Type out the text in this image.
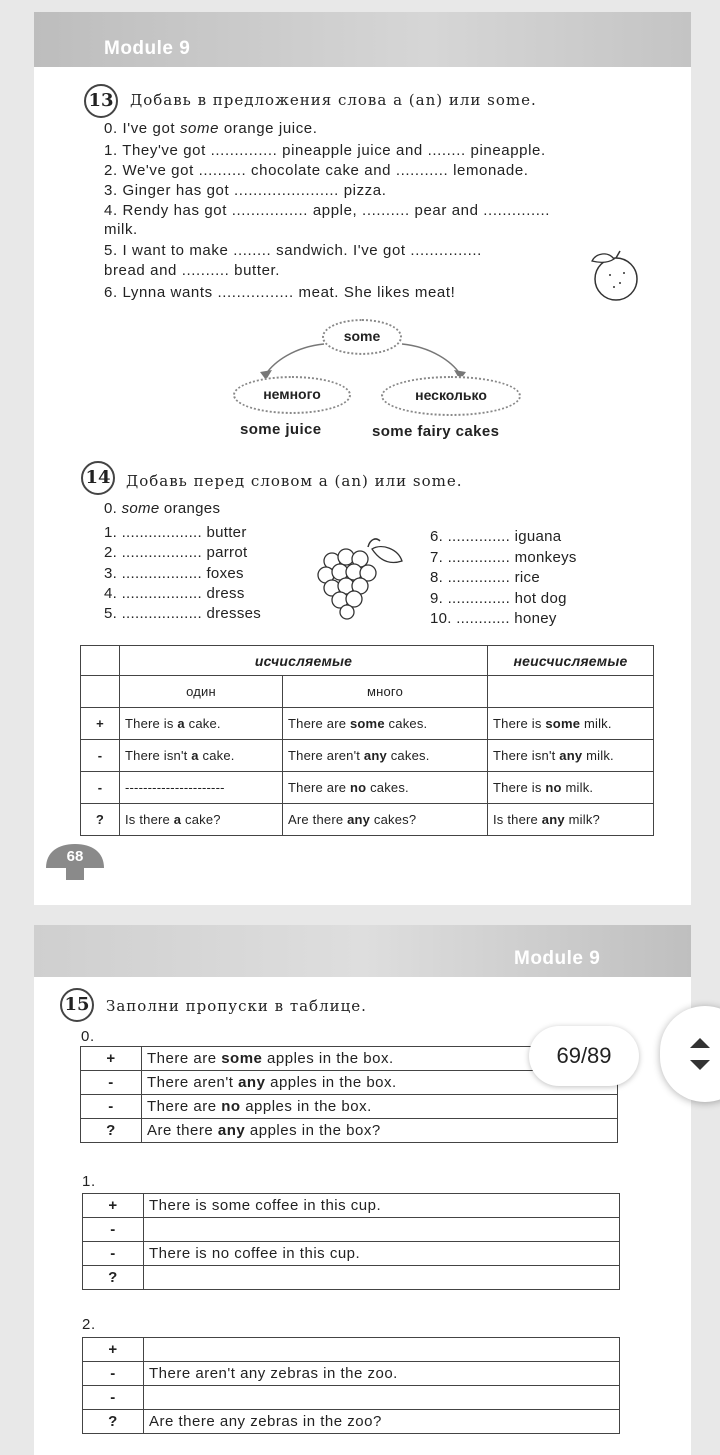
Module 9
13 Добавь в предложения слова a (an) или some.
0. I've got some orange juice.
1. They've got .............. pineapple juice and ........ pineapple.
2. We've got .......... chocolate cake and ........... lemonade.
3. Ginger has got ...................... pizza.
4. Rendy has got ................ apple, .......... pear and ..............
milk.
5. I want to make ........ sandwich. I've got ...............
bread and .......... butter.
6. Lynna wants ................ meat. She likes meat!
some
немного	несколько
some juice	some fairy cakes
14 Добавь перед словом a (an) или some.
0. some oranges
1. .................. butter
2. .................. parrot
3. .................. foxes
4. .................. dress
5. .................. dresses
6. .............. iguana
7. .............. monkeys
8. .............. rice
9. .............. hot dog
10. ............ honey
	исчисляемые		неисчисляемые
	один	много	
+	There is a cake.	There are some cakes.	There is some milk.
-	There isn't a cake.	There aren't any cakes.	There isn't any milk.
-	----------------------	There are no cakes.	There is no milk.
?	Is there a cake?	Are there any cakes?	Is there any milk?
68
Module 9
15 Заполни пропуски в таблице.
0.
+	There are some apples in the box.
-	There aren't any apples in the box.
-	There are no apples in the box.
?	Are there any apples in the box?
1.
+	There is some coffee in this cup.
-	
-	There is no coffee in this cup.
?	
2.
+	
-	There aren't any zebras in the zoo.
-	
?	Are there any zebras in the zoo?
69/89
